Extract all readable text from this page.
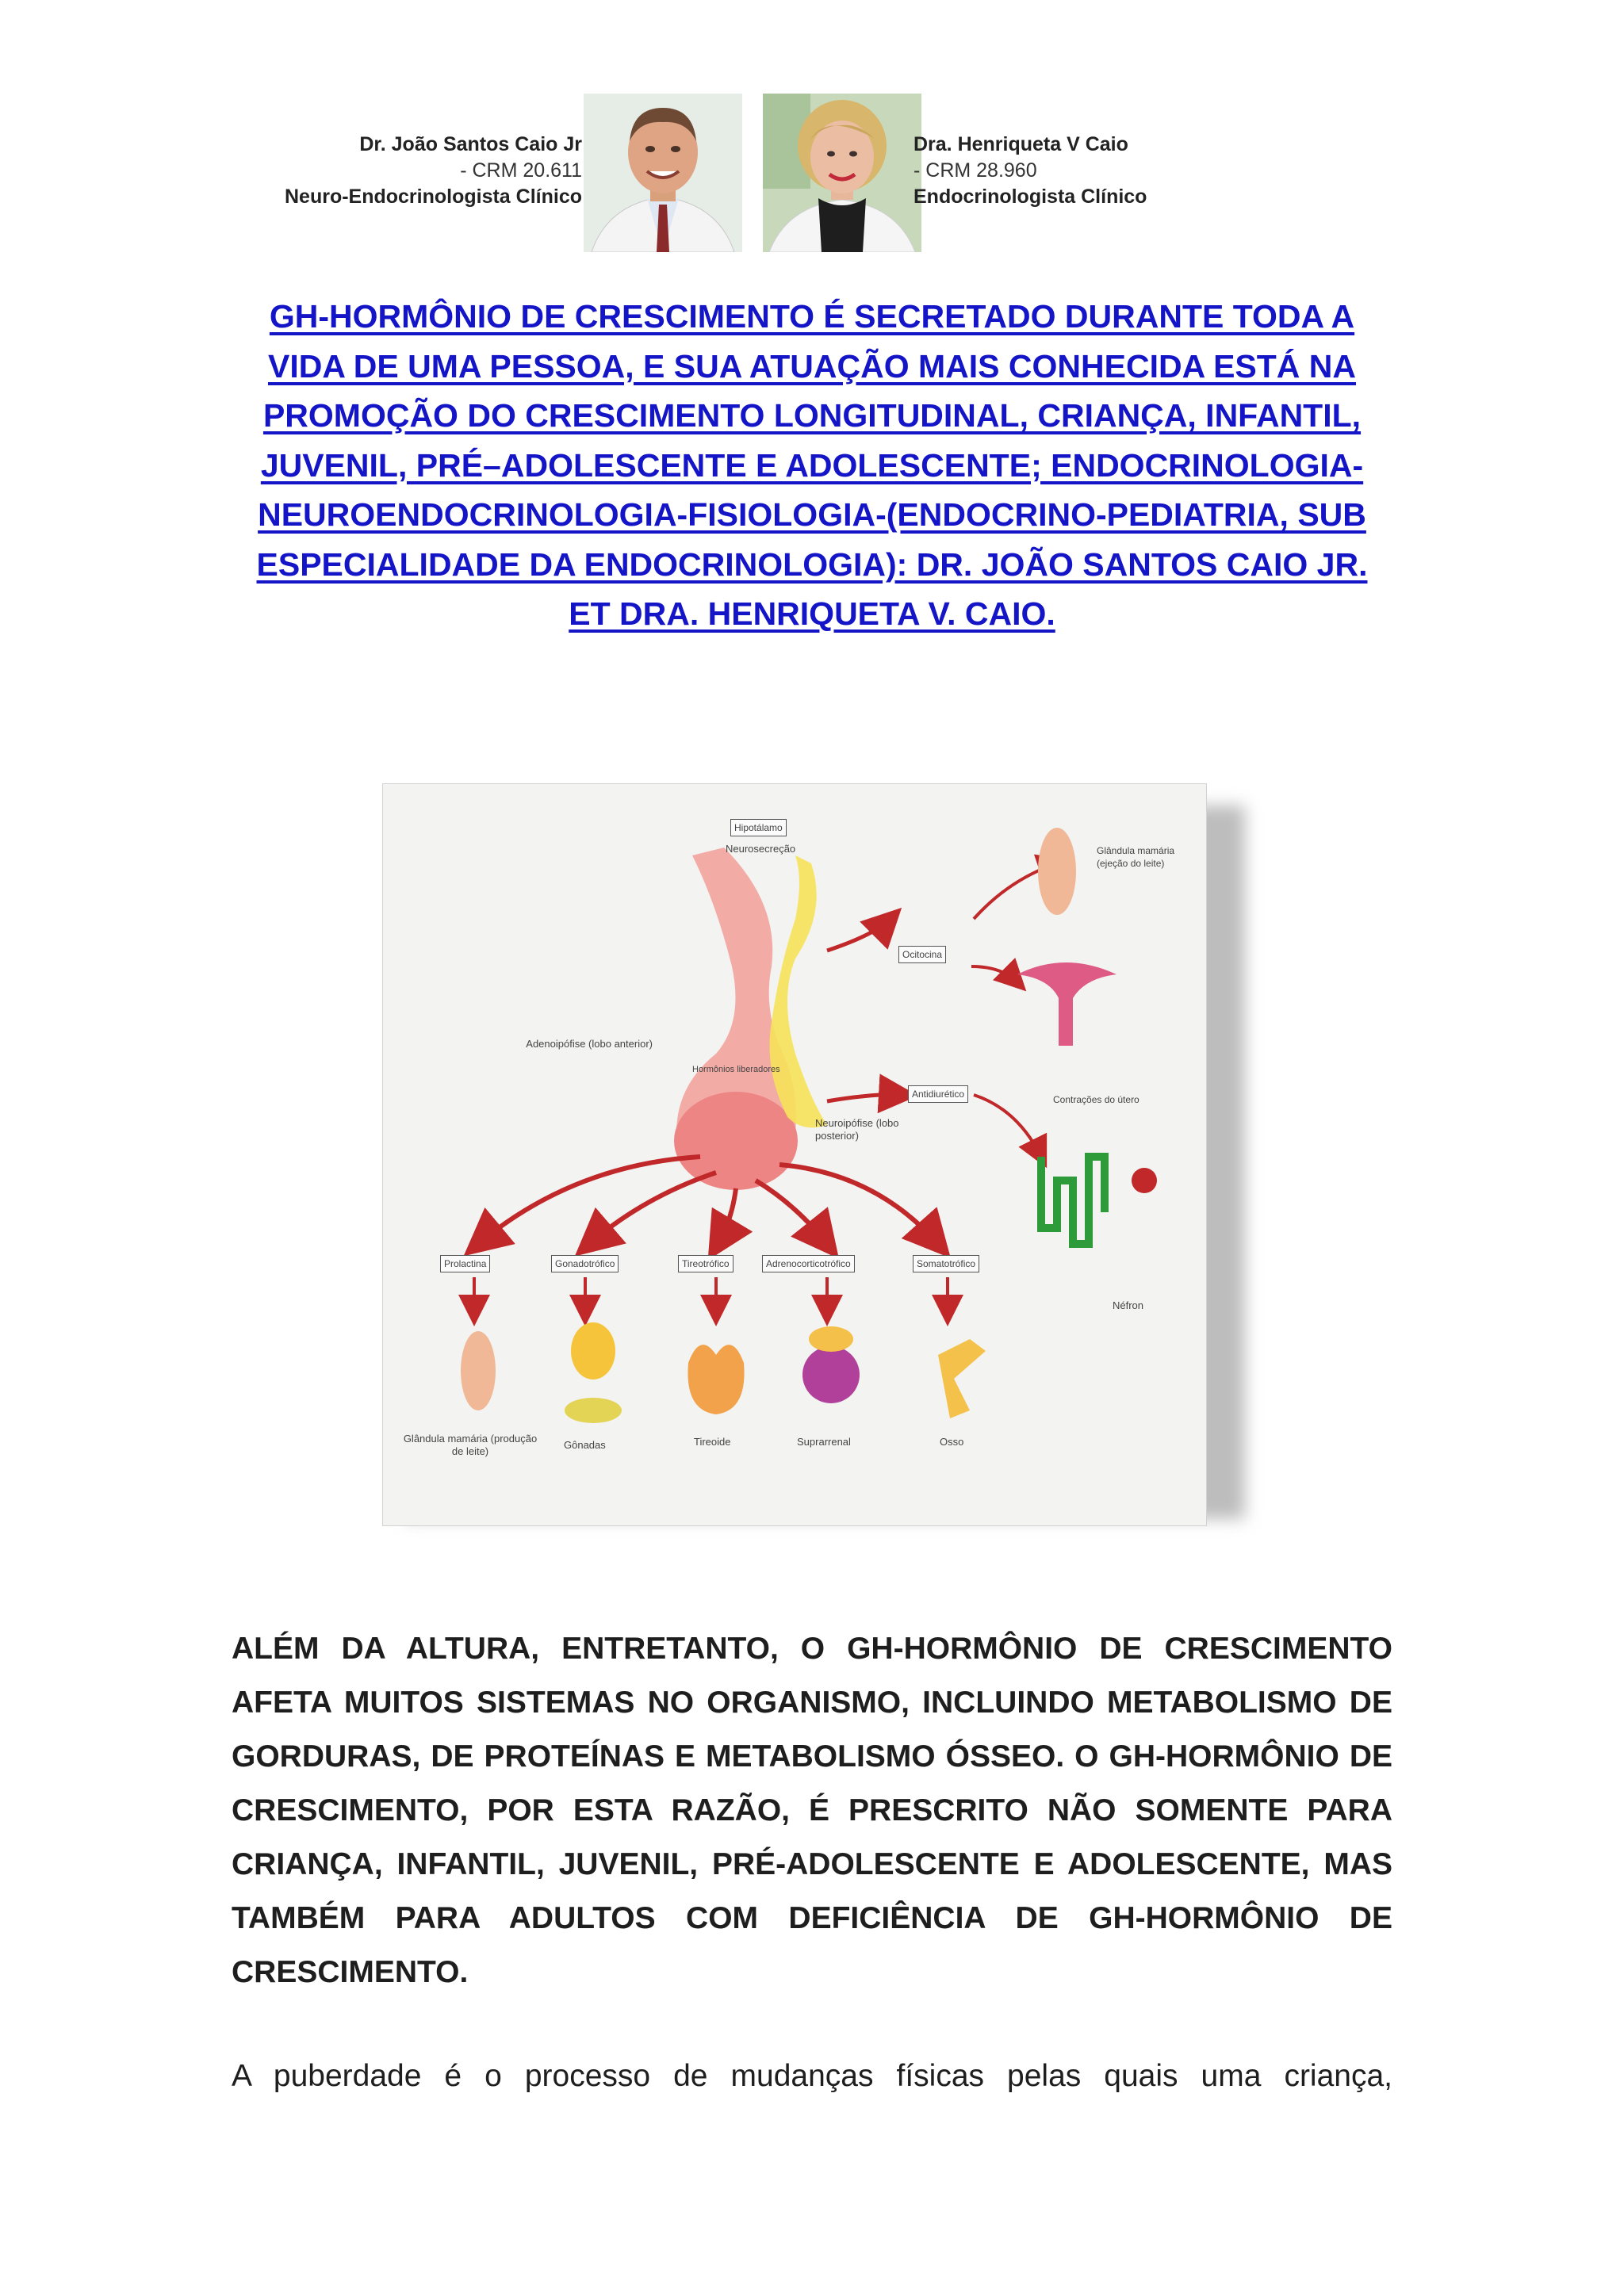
Dr. João Santos Caio Jr
- CRM 20.611
Neuro-Endocrinologista Clínico
Dra. Henriqueta V Caio
- CRM 28.960
Endocrinologista Clínico
GH-HORMÔNIO DE CRESCIMENTO É SECRETADO DURANTE TODA A VIDA DE UMA PESSOA, E SUA ATUAÇÃO MAIS CONHECIDA ESTÁ NA PROMOÇÃO DO CRESCIMENTO LONGITUDINAL, CRIANÇA, INFANTIL, JUVENIL, PRÉ–ADOLESCENTE E ADOLESCENTE; ENDOCRINOLOGIA-NEUROENDOCRINOLOGIA-FISIOLOGIA-(ENDOCRINO-PEDIATRIA, SUB ESPECIALIDADE DA ENDOCRINOLOGIA): DR. JOÃO SANTOS CAIO JR. ET DRA. HENRIQUETA V. CAIO.
Hipotálamo
Neurosecreção
Adenoipófise (lobo anterior)
Hormônios liberadores
Neuroipófise (lobo posterior)
Ocitocina
Antidiurético
Glândula mamária (ejeção do leite)
Contrações do útero
Néfron
Prolactina	Gonadotrófico	Tireotrófico	Adrenocorticotrófico	Somatotrófico
Glândula mamária (produção de leite)
Gônadas	Tireoide	Suprarrenal	Osso

ALÉM DA ALTURA, ENTRETANTO, O GH-HORMÔNIO DE CRESCIMENTO AFETA MUITOS SISTEMAS NO ORGANISMO, INCLUINDO METABOLISMO DE GORDURAS, DE PROTEÍNAS E METABOLISMO ÓSSEO. O GH-HORMÔNIO DE CRESCIMENTO, POR ESTA RAZÃO, É PRESCRITO NÃO SOMENTE PARA CRIANÇA, INFANTIL, JUVENIL, PRÉ-ADOLESCENTE E ADOLESCENTE, MAS TAMBÉM PARA ADULTOS COM DEFICIÊNCIA DE GH-HORMÔNIO DE CRESCIMENTO.

A puberdade é o processo de mudanças físicas pelas quais uma criança,
